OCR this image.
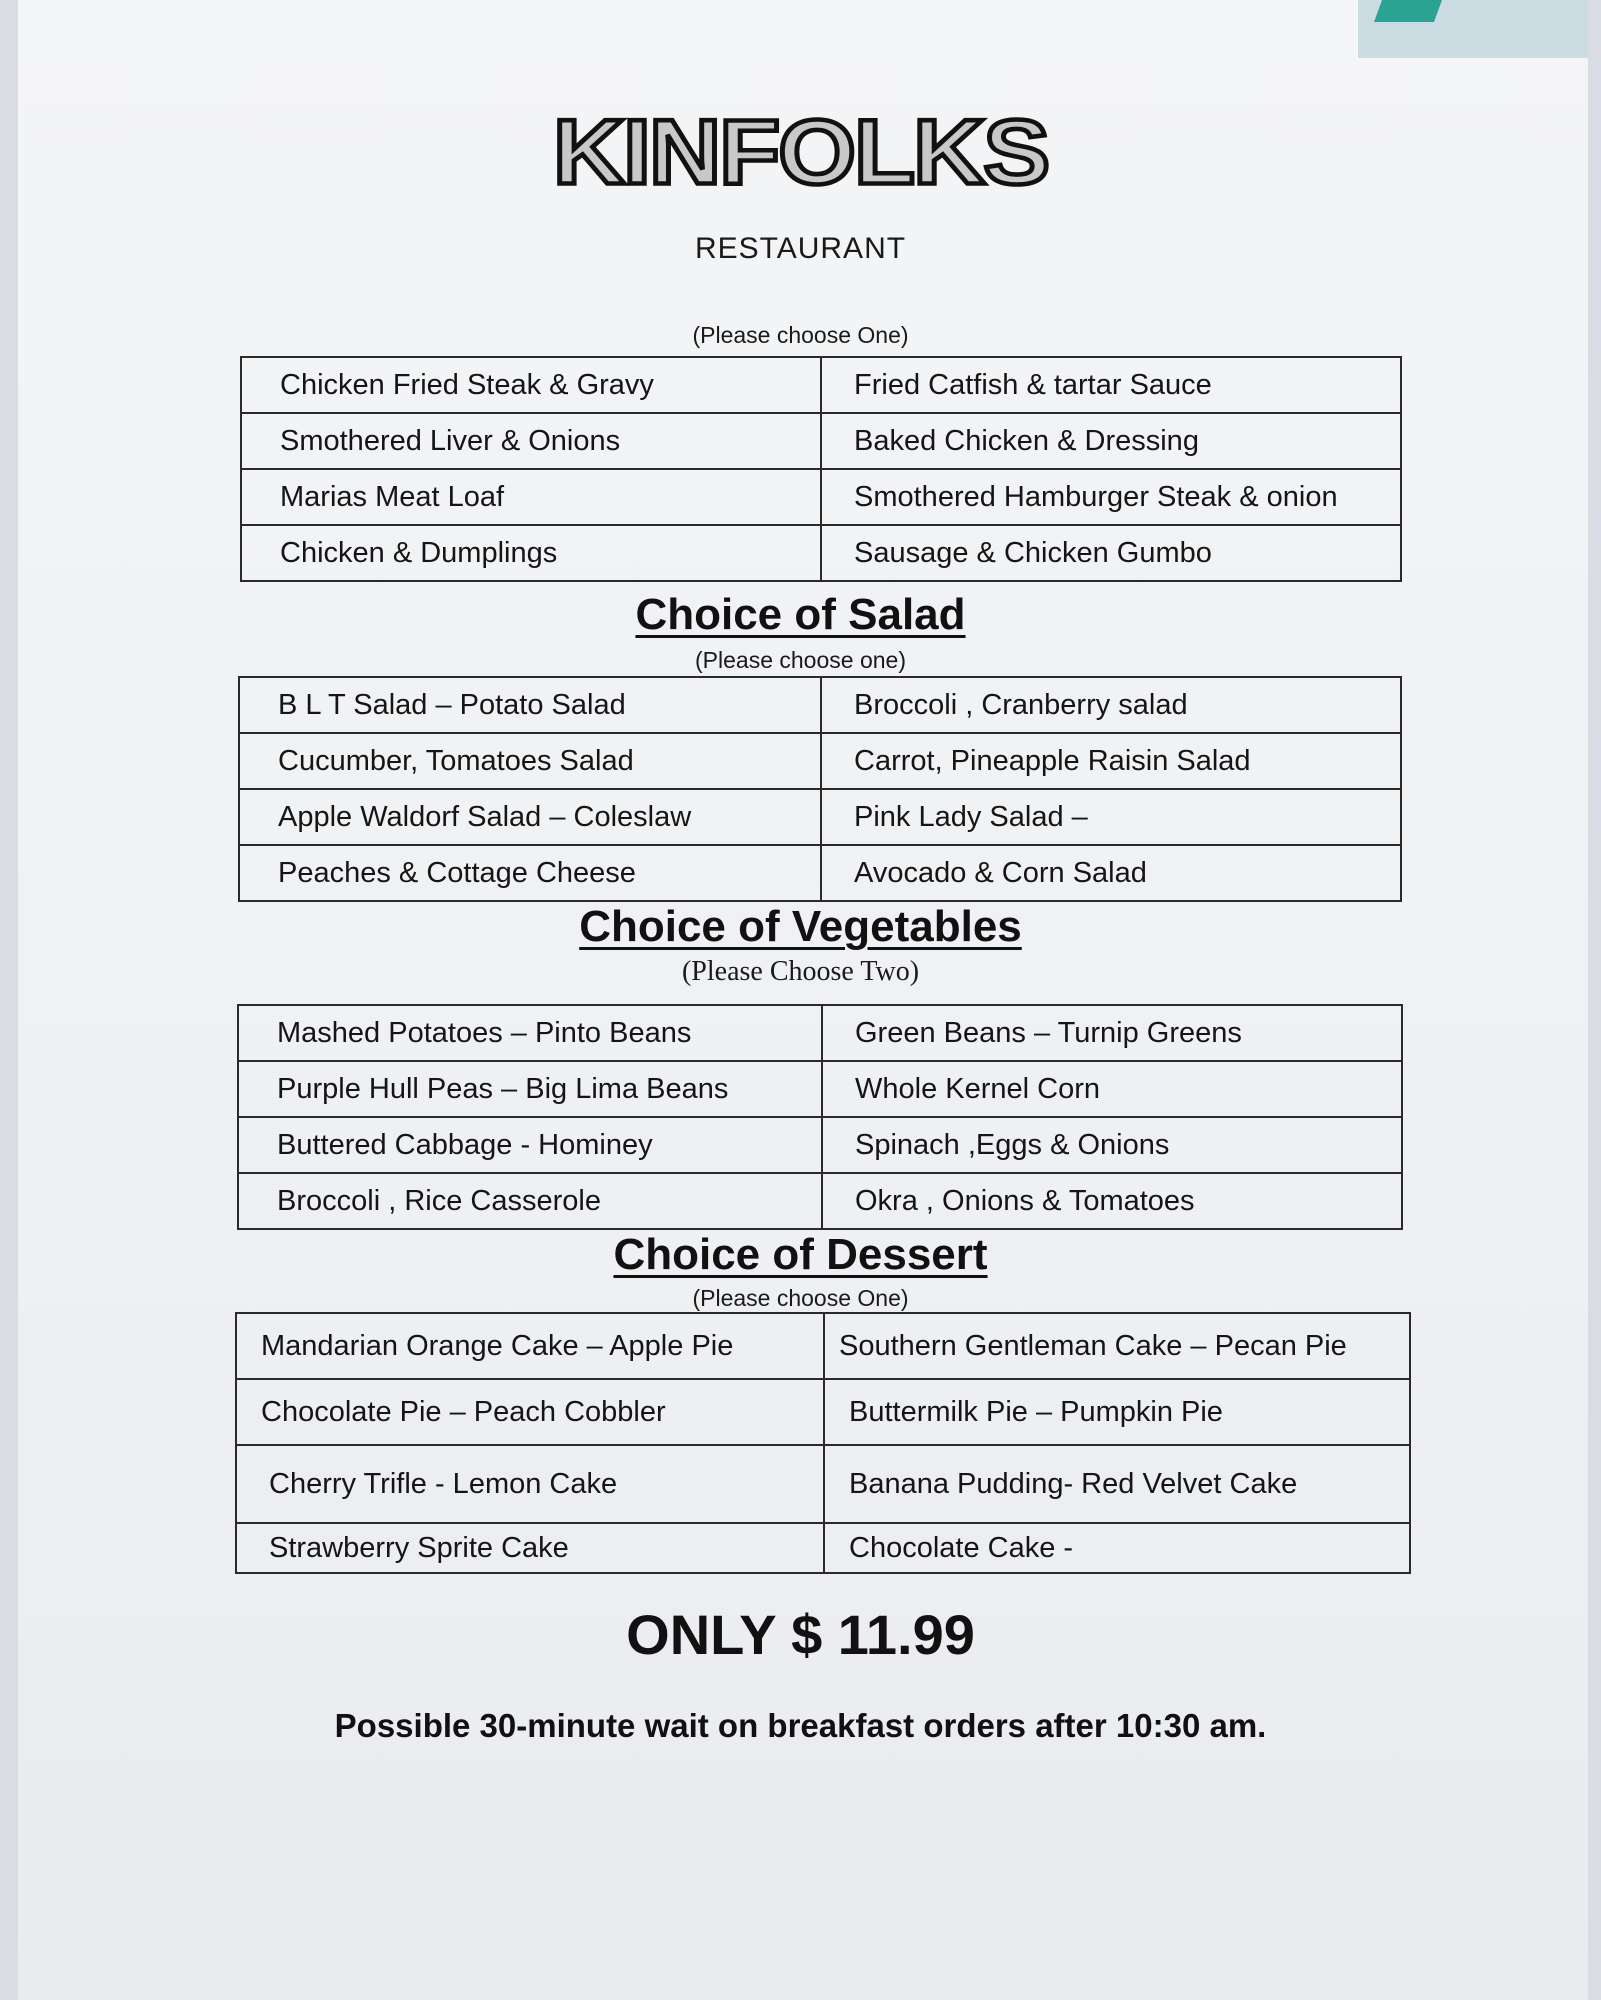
KINFOLKS
RESTAURANT
(Please choose One)
Chicken Fried Steak & Gravy	Fried Catfish & tartar Sauce
Smothered Liver & Onions	Baked Chicken & Dressing
Marias Meat Loaf	Smothered Hamburger Steak & onion
Chicken & Dumplings	Sausage & Chicken Gumbo
Choice of Salad
(Please choose one)
B L T Salad – Potato Salad	Broccoli , Cranberry salad
Cucumber, Tomatoes Salad	Carrot, Pineapple Raisin Salad
Apple Waldorf Salad – Coleslaw	Pink Lady Salad –
Peaches & Cottage Cheese	Avocado & Corn Salad
Choice of Vegetables
(Please Choose Two)
Mashed Potatoes – Pinto Beans	Green Beans – Turnip Greens
Purple Hull Peas – Big Lima Beans	Whole Kernel Corn
Buttered Cabbage - Hominey	Spinach ,Eggs & Onions
Broccoli , Rice Casserole	Okra , Onions & Tomatoes
Choice of Dessert
(Please choose One)
Mandarian Orange Cake – Apple Pie	Southern Gentleman Cake – Pecan Pie
Chocolate Pie – Peach Cobbler	Buttermilk Pie – Pumpkin Pie
Cherry Trifle - Lemon Cake	Banana Pudding- Red Velvet Cake
Strawberry Sprite Cake	Chocolate Cake -
ONLY $ 11.99
Possible 30-minute wait on breakfast orders after 10:30 am.
